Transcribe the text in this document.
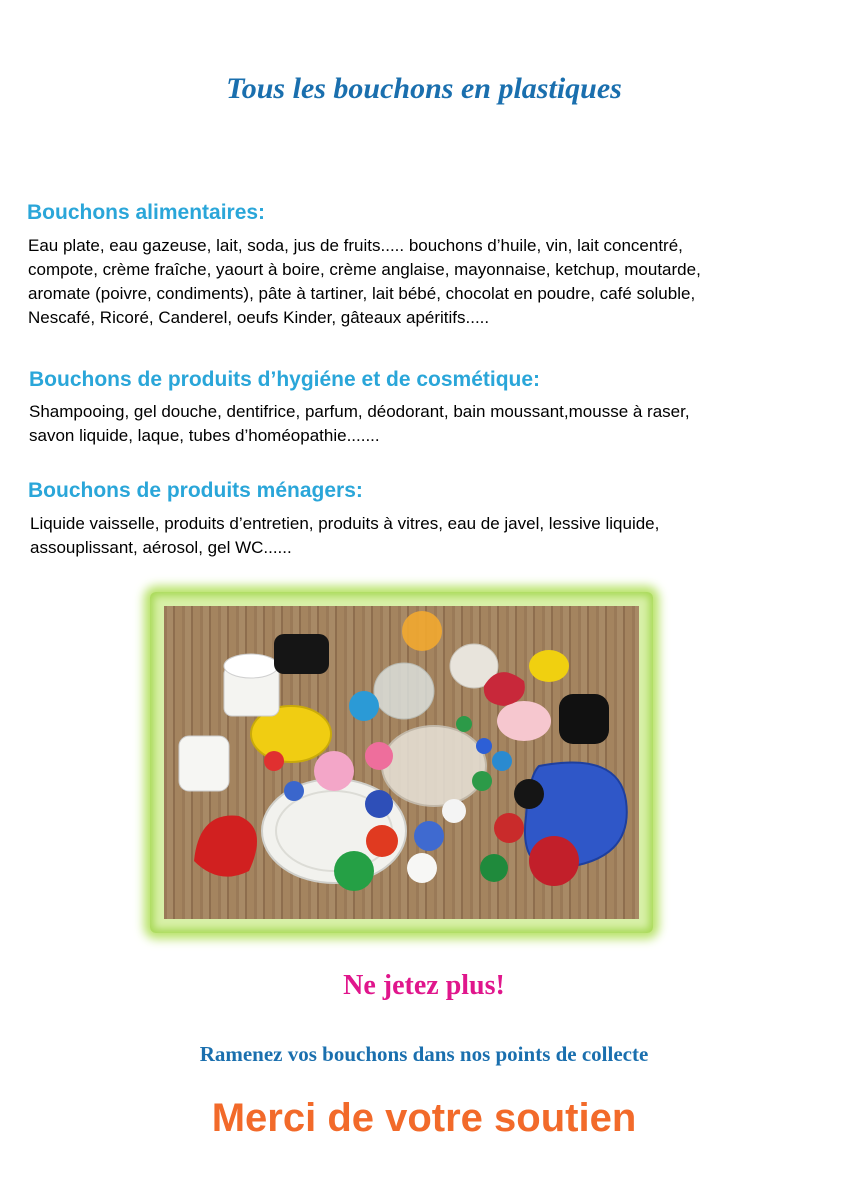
Tous les bouchons en plastiques
Bouchons alimentaires:
Eau plate, eau gazeuse, lait, soda, jus de fruits..... bouchons d’huile, vin, lait concentré,
compote, crème fraîche, yaourt à boire, crème anglaise, mayonnaise, ketchup, moutarde,
aromate (poivre, condiments), pâte à tartiner, lait bébé, chocolat en poudre, café soluble,
Nescafé, Ricoré, Canderel, oeufs Kinder, gâteaux apéritifs.....
Bouchons de produits d’hygiéne et de cosmétique:
Shampooing, gel douche, dentifrice, parfum, déodorant, bain moussant,mousse à raser,
savon liquide, laque, tubes d’homéopathie.......
Bouchons de produits ménagers:
Liquide vaisselle, produits d’entretien, produits à vitres, eau de javel, lessive liquide,
assouplissant, aérosol, gel WC......
Ne jetez plus!
Ramenez vos bouchons dans nos points de collecte
Merci de votre soutien
